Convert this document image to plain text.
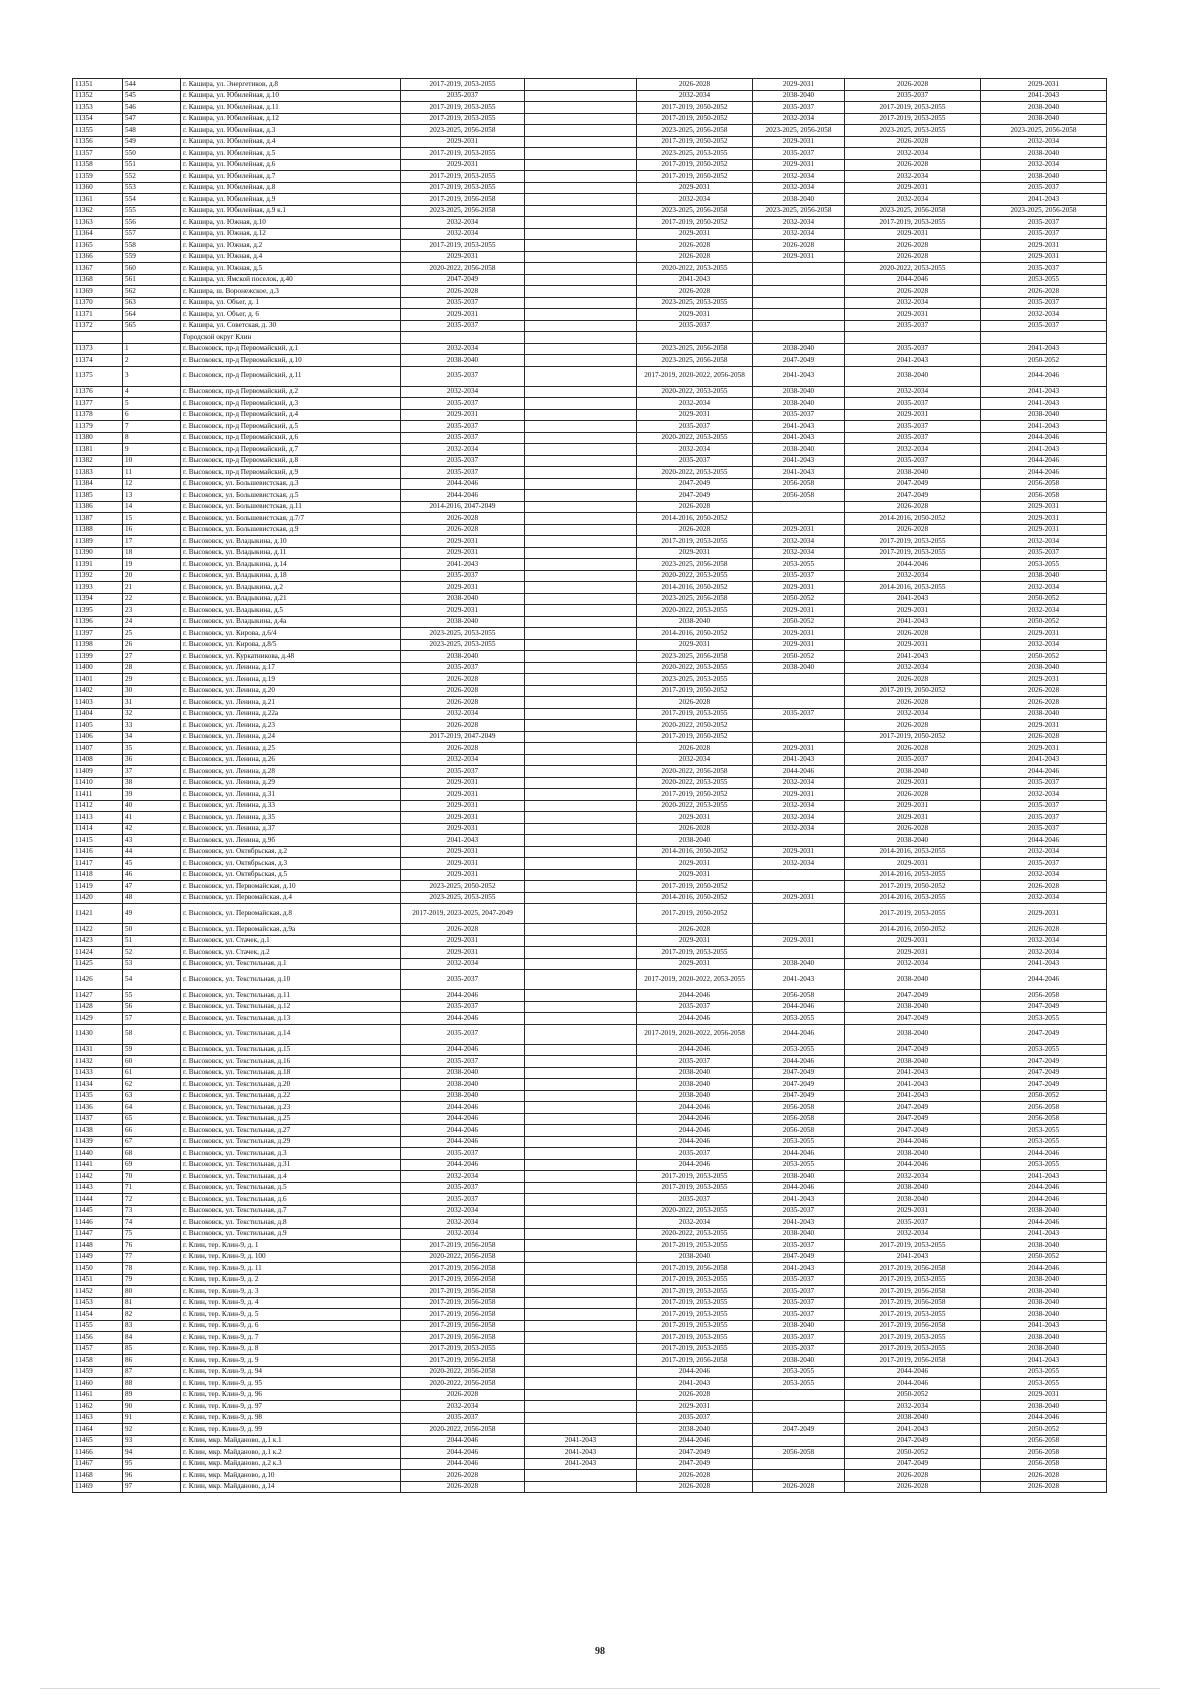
11351	544	г. Кашира, ул. Энергетиков, д.8	2017-2019, 2053-2055		2026-2028	2029-2031	2026-2028	2029-2031
11352	545	г. Кашира, ул. Юбилейная, д.10	2035-2037		2032-2034	2038-2040	2035-2037	2041-2043
11353	546	г. Кашира, ул. Юбилейная, д.11	2017-2019, 2053-2055		2017-2019, 2050-2052	2035-2037	2017-2019, 2053-2055	2038-2040
11354	547	г. Кашира, ул. Юбилейная, д.12	2017-2019, 2053-2055		2017-2019, 2050-2052	2032-2034	2017-2019, 2053-2055	2038-2040
11355	548	г. Кашира, ул. Юбилейная, д.3	2023-2025, 2056-2058		2023-2025, 2056-2058	2023-2025, 2056-2058	2023-2025, 2053-2055	2023-2025, 2056-2058
11356	549	г. Кашира, ул. Юбилейная, д.4	2029-2031		2017-2019, 2050-2052	2029-2031	2026-2028	2032-2034
11357	550	г. Кашира, ул. Юбилейная, д.5	2017-2019, 2053-2055		2023-2025, 2053-2055	2035-2037	2032-2034	2038-2040
11358	551	г. Кашира, ул. Юбилейная, д.6	2029-2031		2017-2019, 2050-2052	2029-2031	2026-2028	2032-2034
11359	552	г. Кашира, ул. Юбилейная, д.7	2017-2019, 2053-2055		2017-2019, 2050-2052	2032-2034	2032-2034	2038-2040
11360	553	г. Кашира, ул. Юбилейная, д.8	2017-2019, 2053-2055		2029-2031	2032-2034	2029-2031	2035-2037
11361	554	г. Кашира, ул. Юбилейная, д.9	2017-2019, 2056-2058		2032-2034	2038-2040	2032-2034	2041-2043
11362	555	г. Кашира, ул. Юбилейная, д.9 к.1	2023-2025, 2056-2058		2023-2025, 2056-2058	2023-2025, 2056-2058	2023-2025, 2056-2058	2023-2025, 2056-2058
11363	556	г. Кашира, ул. Южная, д.10	2032-2034		2017-2019, 2050-2052	2032-2034	2017-2019, 2053-2055	2035-2037
11364	557	г. Кашира, ул. Южная, д.12	2032-2034		2029-2031	2032-2034	2029-2031	2035-2037
11365	558	г. Кашира, ул. Южная, д.2	2017-2019, 2053-2055		2026-2028	2026-2028	2026-2028	2029-2031
11366	559	г. Кашира, ул. Южная, д.4	2029-2031		2026-2028	2029-2031	2026-2028	2029-2031
11367	560	г. Кашира, ул. Южная, д.5	2020-2022, 2056-2058		2020-2022, 2053-2055		2020-2022, 2053-2055	2035-2037
11368	561	г. Кашира, ул. Ямской поселок, д.40	2047-2049		2041-2043		2044-2046	2053-2055
11369	562	г. Кашира, ш. Воронежское, д.3	2026-2028		2026-2028		2026-2028	2026-2028
11370	563	г. Кашира, ул. Объег, д. 1	2035-2037		2023-2025, 2053-2055		2032-2034	2035-2037
11371	564	г. Кашира, ул. Объег, д. 6	2029-2031		2029-2031		2029-2031	2032-2034
11372	565	г. Кашира, ул. Советская, д. 30	2035-2037		2035-2037		2035-2037	2035-2037
		Городской округ Клин						
11373	1	г. Высоковск, пр-д Первомайский, д.1	2032-2034		2023-2025, 2056-2058	2038-2040	2035-2037	2041-2043
11374	2	г. Высоковск, пр-д Первомайский, д.10	2038-2040		2023-2025, 2056-2058	2047-2049	2041-2043	2050-2052
11375	3	г. Высоковск, пр-д Первомайский, д.11	2035-2037		2017-2019, 2020-2022, 2056-2058	2041-2043	2038-2040	2044-2046
11376	4	г. Высоковск, пр-д Первомайский, д.2	2032-2034		2020-2022, 2053-2055	2038-2040	2032-2034	2041-2043
11377	5	г. Высоковск, пр-д Первомайский, д.3	2035-2037		2032-2034	2038-2040	2035-2037	2041-2043
11378	6	г. Высоковск, пр-д Первомайский, д.4	2029-2031		2029-2031	2035-2037	2029-2031	2038-2040
11379	7	г. Высоковск, пр-д Первомайский, д.5	2035-2037		2035-2037	2041-2043	2035-2037	2041-2043
11380	8	г. Высоковск, пр-д Первомайский, д.6	2035-2037		2020-2022, 2053-2055	2041-2043	2035-2037	2044-2046
11381	9	г. Высоковск, пр-д Первомайский, д.7	2032-2034		2032-2034	2038-2040	2032-2034	2041-2043
11382	10	г. Высоковск, пр-д Первомайский, д.8	2035-2037		2035-2037	2041-2043	2035-2037	2044-2046
11383	11	г. Высоковск, пр-д Первомайский, д.9	2035-2037		2020-2022, 2053-2055	2041-2043	2038-2040	2044-2046
11384	12	г. Высоковск, ул. Большевистская, д.3	2044-2046		2047-2049	2056-2058	2047-2049	2056-2058
11385	13	г. Высоковск, ул. Большевистская, д.5	2044-2046		2047-2049	2056-2058	2047-2049	2056-2058
11386	14	г. Высоковск, ул. Большевистская, д.11	2014-2016, 2047-2049		2026-2028		2026-2028	2029-2031
11387	15	г. Высоковск, ул. Большевистская, д.7/7	2026-2028		2014-2016, 2050-2052		2014-2016, 2050-2052	2029-2031
11388	16	г. Высоковск, ул. Большевистская, д.9	2026-2028		2026-2028	2029-2031	2026-2028	2029-2031
11389	17	г. Высоковск, ул. Владыкина, д.10	2029-2031		2017-2019, 2053-2055	2032-2034	2017-2019, 2053-2055	2032-2034
11390	18	г. Высоковск, ул. Владыкина, д.11	2029-2031		2029-2031	2032-2034	2017-2019, 2053-2055	2035-2037
11391	19	г. Высоковск, ул. Владыкина, д.14	2041-2043		2023-2025, 2056-2058	2053-2055	2044-2046	2053-2055
11392	20	г. Высоковск, ул. Владыкина, д.18	2035-2037		2020-2022, 2053-2055	2035-2037	2032-2034	2038-2040
11393	21	г. Высоковск, ул. Владыкина, д.2	2029-2031		2014-2016, 2050-2052	2029-2031	2014-2016, 2053-2055	2032-2034
11394	22	г. Высоковск, ул. Владыкина, д.21	2038-2040		2023-2025, 2056-2058	2050-2052	2041-2043	2050-2052
11395	23	г. Высоковск, ул. Владыкина, д.5	2029-2031		2020-2022, 2053-2055	2029-2031	2029-2031	2032-2034
11396	24	г. Высоковск, ул. Владыкина, д.4а	2038-2040		2038-2040	2050-2052	2041-2043	2050-2052
11397	25	г. Высоковск, ул. Кирова, д.6/4	2023-2025, 2053-2055		2014-2016, 2050-2052	2029-2031	2026-2028	2029-2031
11398	26	г. Высоковск, ул. Кирова, д.8/5	2023-2025, 2053-2055		2029-2031	2029-2031	2029-2031	2032-2034
11399	27	г. Высоковск, ул. Куркатникова, д.48	2038-2040		2023-2025, 2056-2058	2050-2052	2041-2043	2050-2052
11400	28	г. Высоковск, ул. Ленина, д.17	2035-2037		2020-2022, 2053-2055	2038-2040	2032-2034	2038-2040
11401	29	г. Высоковск, ул. Ленина, д.19	2026-2028		2023-2025, 2053-2055		2026-2028	2029-2031
11402	30	г. Высоковск, ул. Ленина, д.20	2026-2028		2017-2019, 2050-2052		2017-2019, 2050-2052	2026-2028
11403	31	г. Высоковск, ул. Ленина, д.21	2026-2028		2026-2028		2026-2028	2026-2028
11404	32	г. Высоковск, ул. Ленина, д.22а	2032-2034		2017-2019, 2053-2055	2035-2037	2032-2034	2038-2040
11405	33	г. Высоковск, ул. Ленина, д.23	2026-2028		2020-2022, 2050-2052		2026-2028	2029-2031
11406	34	г. Высоковск, ул. Ленина, д.24	2017-2019, 2047-2049		2017-2019, 2050-2052		2017-2019, 2050-2052	2026-2028
11407	35	г. Высоковск, ул. Ленина, д.25	2026-2028		2026-2028	2029-2031	2026-2028	2029-2031
11408	36	г. Высоковск, ул. Ленина, д.26	2032-2034		2032-2034	2041-2043	2035-2037	2041-2043
11409	37	г. Высоковск, ул. Ленина, д.28	2035-2037		2020-2022, 2056-2058	2044-2046	2038-2040	2044-2046
11410	38	г. Высоковск, ул. Ленина, д.29	2029-2031		2020-2022, 2053-2055	2032-2034	2029-2031	2035-2037
11411	39	г. Высоковск, ул. Ленина, д.31	2029-2031		2017-2019, 2050-2052	2029-2031	2026-2028	2032-2034
11412	40	г. Высоковск, ул. Ленина, д.33	2029-2031		2020-2022, 2053-2055	2032-2034	2029-2031	2035-2037
11413	41	г. Высоковск, ул. Ленина, д.35	2029-2031		2029-2031	2032-2034	2029-2031	2035-2037
11414	42	г. Высоковск, ул. Ленина, д.37	2029-2031		2026-2028	2032-2034	2026-2028	2035-2037
11415	43	г. Высоковск, ул. Ленина, д.9б	2041-2043		2038-2040		2038-2040	2044-2046
11416	44	г. Высоковск, ул. Октябрьская, д.2	2029-2031		2014-2016, 2050-2052	2029-2031	2014-2016, 2053-2055	2032-2034
11417	45	г. Высоковск, ул. Октябрьская, д.3	2029-2031		2029-2031	2032-2034	2029-2031	2035-2037
11418	46	г. Высоковск, ул. Октябрьская, д.5	2029-2031		2029-2031		2014-2016, 2053-2055	2032-2034
11419	47	г. Высоковск, ул. Первомайская, д.10	2023-2025, 2050-2052		2017-2019, 2050-2052		2017-2019, 2050-2052	2026-2028
11420	48	г. Высоковск, ул. Первомайская, д.4	2023-2025, 2053-2055		2014-2016, 2050-2052	2029-2031	2014-2016, 2053-2055	2032-2034
11421	49	г. Высоковск, ул. Первомайская, д.8	2017-2019, 2023-2025, 2047-2049		2017-2019, 2050-2052		2017-2019, 2053-2055	2029-2031
11422	50	г. Высоковск, ул. Первомайская, д.9а	2026-2028		2026-2028		2014-2016, 2050-2052	2026-2028
11423	51	г. Высоковск, ул. Стачек, д.1	2029-2031		2029-2031	2029-2031	2029-2031	2032-2034
11424	52	г. Высоковск, ул. Стачек, д.2	2029-2031		2017-2019, 2053-2055		2029-2031	2032-2034
11425	53	г. Высоковск, ул. Текстильная, д.1	2032-2034		2029-2031	2038-2040	2032-2034	2041-2043
11426	54	г. Высоковск, ул. Текстильная, д.10	2035-2037		2017-2019, 2020-2022, 2053-2055	2041-2043	2038-2040	2044-2046
11427	55	г. Высоковск, ул. Текстильная, д.11	2044-2046		2044-2046	2056-2058	2047-2049	2056-2058
11428	56	г. Высоковск, ул. Текстильная, д.12	2035-2037		2035-2037	2044-2046	2038-2040	2047-2049
11429	57	г. Высоковск, ул. Текстильная, д.13	2044-2046		2044-2046	2053-2055	2047-2049	2053-2055
11430	58	г. Высоковск, ул. Текстильная, д.14	2035-2037		2017-2019, 2020-2022, 2056-2058	2044-2046	2038-2040	2047-2049
11431	59	г. Высоковск, ул. Текстильная, д.15	2044-2046		2044-2046	2053-2055	2047-2049	2053-2055
11432	60	г. Высоковск, ул. Текстильная, д.16	2035-2037		2035-2037	2044-2046	2038-2040	2047-2049
11433	61	г. Высоковск, ул. Текстильная, д.18	2038-2040		2038-2040	2047-2049	2041-2043	2047-2049
11434	62	г. Высоковск, ул. Текстильная, д.20	2038-2040		2038-2040	2047-2049	2041-2043	2047-2049
11435	63	г. Высоковск, ул. Текстильная, д.22	2038-2040		2038-2040	2047-2049	2041-2043	2050-2052
11436	64	г. Высоковск, ул. Текстильная, д.23	2044-2046		2044-2046	2056-2058	2047-2049	2056-2058
11437	65	г. Высоковск, ул. Текстильная, д.25	2044-2046		2044-2046	2056-2058	2047-2049	2056-2058
11438	66	г. Высоковск, ул. Текстильная, д.27	2044-2046		2044-2046	2056-2058	2047-2049	2053-2055
11439	67	г. Высоковск, ул. Текстильная, д.29	2044-2046		2044-2046	2053-2055	2044-2046	2053-2055
11440	68	г. Высоковск, ул. Текстильная, д.3	2035-2037		2035-2037	2044-2046	2038-2040	2044-2046
11441	69	г. Высоковск, ул. Текстильная, д.31	2044-2046		2044-2046	2053-2055	2044-2046	2053-2055
11442	70	г. Высоковск, ул. Текстильная, д.4	2032-2034		2017-2019, 2053-2055	2038-2040	2032-2034	2041-2043
11443	71	г. Высоковск, ул. Текстильная, д.5	2035-2037		2017-2019, 2053-2055	2044-2046	2038-2040	2044-2046
11444	72	г. Высоковск, ул. Текстильная, д.6	2035-2037		2035-2037	2041-2043	2038-2040	2044-2046
11445	73	г. Высоковск, ул. Текстильная, д.7	2032-2034		2020-2022, 2053-2055	2035-2037	2029-2031	2038-2040
11446	74	г. Высоковск, ул. Текстильная, д.8	2032-2034		2032-2034	2041-2043	2035-2037	2044-2046
11447	75	г. Высоковск, ул. Текстильная, д.9	2032-2034		2020-2022, 2053-2055	2038-2040	2032-2034	2041-2043
11448	76	г. Клин, тер. Клин-9, д. 1	2017-2019, 2056-2058		2017-2019, 2053-2055	2035-2037	2017-2019, 2053-2055	2038-2040
11449	77	г. Клин, тер. Клин-9, д. 100	2020-2022, 2056-2058		2038-2040	2047-2049	2041-2043	2050-2052
11450	78	г. Клин, тер. Клин-9, д. 11	2017-2019, 2056-2058		2017-2019, 2056-2058	2041-2043	2017-2019, 2056-2058	2044-2046
11451	79	г. Клин, тер. Клин-9, д. 2	2017-2019, 2056-2058		2017-2019, 2053-2055	2035-2037	2017-2019, 2053-2055	2038-2040
11452	80	г. Клин, тер. Клин-9, д. 3	2017-2019, 2056-2058		2017-2019, 2053-2055	2035-2037	2017-2019, 2056-2058	2038-2040
11453	81	г. Клин, тер. Клин-9, д. 4	2017-2019, 2056-2058		2017-2019, 2053-2055	2035-2037	2017-2019, 2056-2058	2038-2040
11454	82	г. Клин, тер. Клин-9, д. 5	2017-2019, 2056-2058		2017-2019, 2053-2055	2035-2037	2017-2019, 2053-2055	2038-2040
11455	83	г. Клин, тер. Клин-9, д. 6	2017-2019, 2056-2058		2017-2019, 2053-2055	2038-2040	2017-2019, 2056-2058	2041-2043
11456	84	г. Клин, тер. Клин-9, д. 7	2017-2019, 2056-2058		2017-2019, 2053-2055	2035-2037	2017-2019, 2053-2055	2038-2040
11457	85	г. Клин, тер. Клин-9, д. 8	2017-2019, 2053-2055		2017-2019, 2053-2055	2035-2037	2017-2019, 2053-2055	2038-2040
11458	86	г. Клин, тер. Клин-9, д. 9	2017-2019, 2056-2058		2017-2019, 2056-2058	2038-2040	2017-2019, 2056-2058	2041-2043
11459	87	г. Клин, тер. Клин-9, д. 94	2020-2022, 2056-2058		2044-2046	2053-2055	2044-2046	2053-2055
11460	88	г. Клин, тер. Клин-9, д. 95	2020-2022, 2056-2058		2041-2043	2053-2055	2044-2046	2053-2055
11461	89	г. Клин, тер. Клин-9, д. 96	2026-2028		2026-2028		2050-2052	2029-2031
11462	90	г. Клин, тер. Клин-9, д. 97	2032-2034		2029-2031		2032-2034	2038-2040
11463	91	г. Клин, тер. Клин-9, д. 98	2035-2037		2035-2037		2038-2040	2044-2046
11464	92	г. Клин, тер. Клин-9, д. 99	2020-2022, 2056-2058		2038-2040	2047-2049	2041-2043	2050-2052
11465	93	г. Клин, мкр. Майданово, д.1 к.1	2044-2046	2041-2043	2044-2046		2047-2049	2056-2058
11466	94	г. Клин, мкр. Майданово, д.1 к.2	2044-2046	2041-2043	2047-2049	2056-2058	2050-2052	2056-2058
11467	95	г. Клин, мкр. Майданово, д.2 к.3	2044-2046	2041-2043	2047-2049		2047-2049	2056-2058
11468	96	г. Клин, мкр. Майданово, д.10	2026-2028		2026-2028		2026-2028	2026-2028
11469	97	г. Клин, мкр. Майданово, д.14	2026-2028		2026-2028	2026-2028	2026-2028	2026-2028
98
